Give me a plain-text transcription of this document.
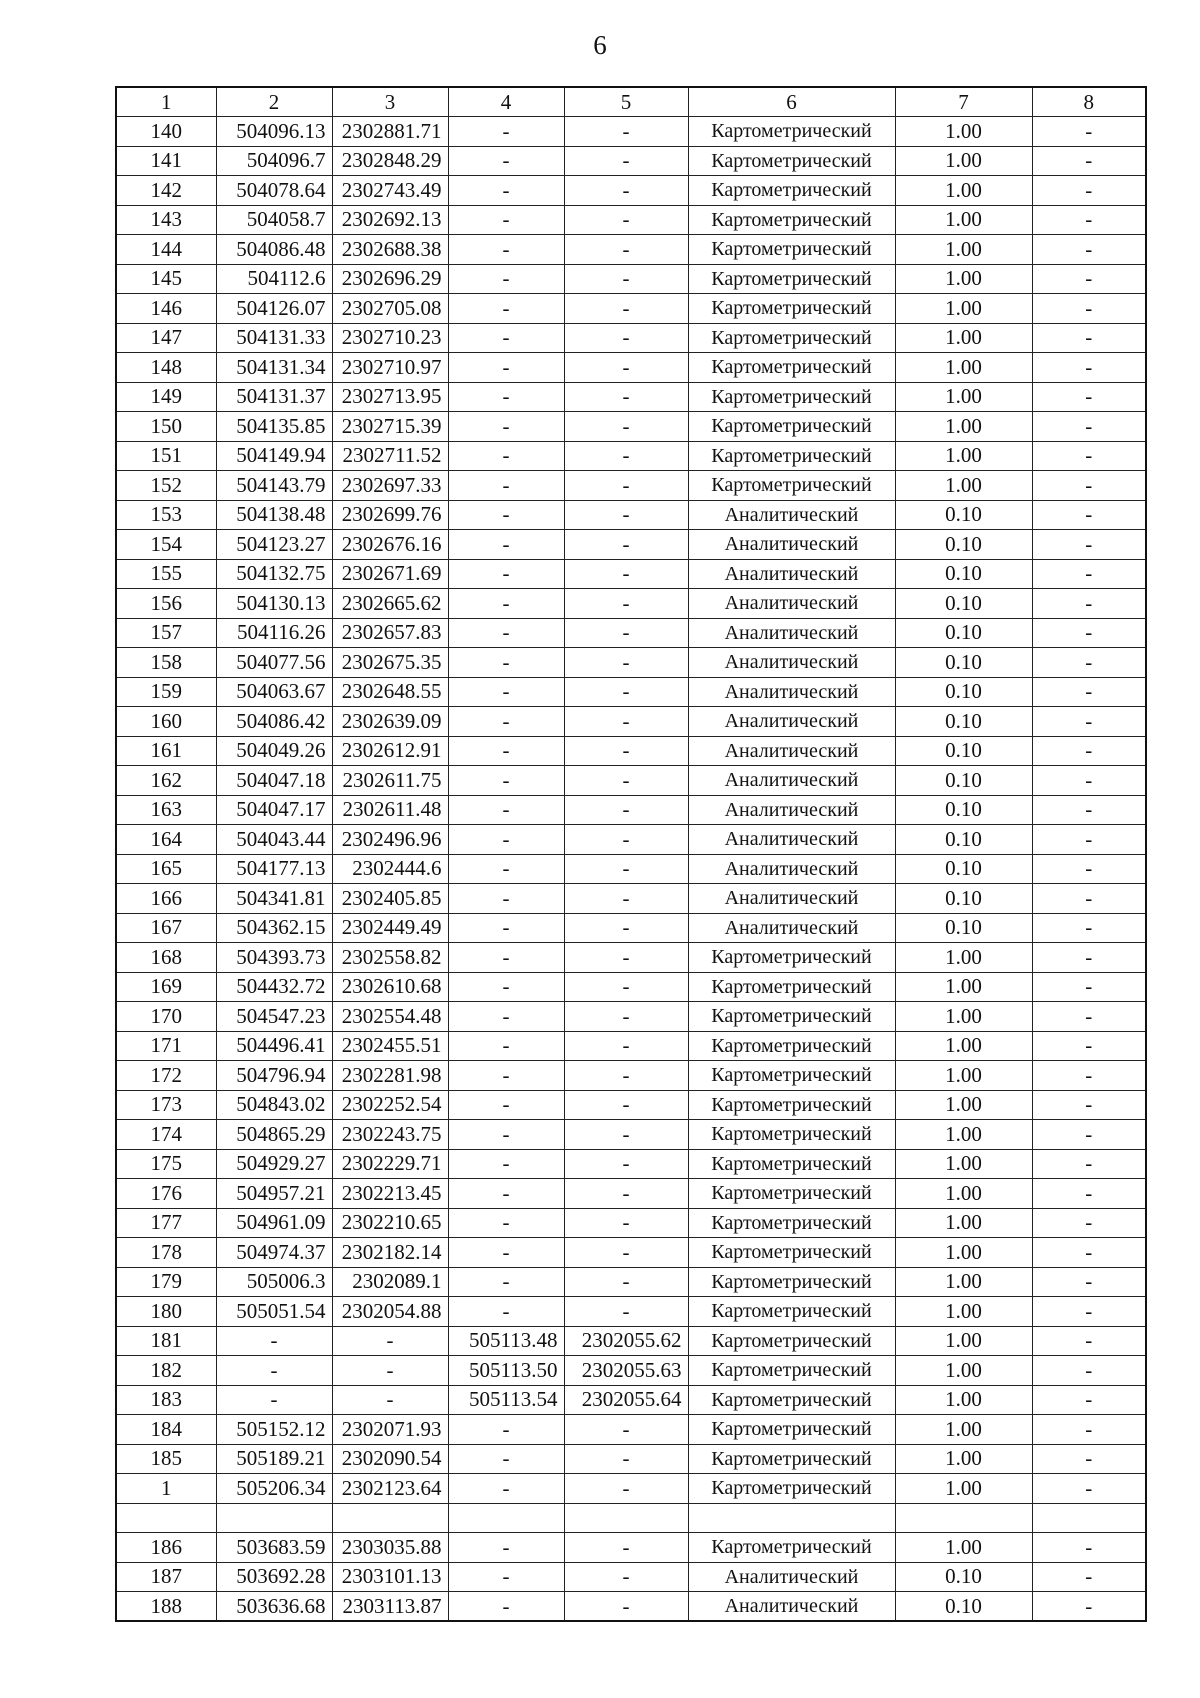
6
1	2	3	4	5	6	7	8
140	504096.13	2302881.71	-	-	Картометрический	1.00	-
141	504096.7	2302848.29	-	-	Картометрический	1.00	-
142	504078.64	2302743.49	-	-	Картометрический	1.00	-
143	504058.7	2302692.13	-	-	Картометрический	1.00	-
144	504086.48	2302688.38	-	-	Картометрический	1.00	-
145	504112.6	2302696.29	-	-	Картометрический	1.00	-
146	504126.07	2302705.08	-	-	Картометрический	1.00	-
147	504131.33	2302710.23	-	-	Картометрический	1.00	-
148	504131.34	2302710.97	-	-	Картометрический	1.00	-
149	504131.37	2302713.95	-	-	Картометрический	1.00	-
150	504135.85	2302715.39	-	-	Картометрический	1.00	-
151	504149.94	2302711.52	-	-	Картометрический	1.00	-
152	504143.79	2302697.33	-	-	Картометрический	1.00	-
153	504138.48	2302699.76	-	-	Аналитический	0.10	-
154	504123.27	2302676.16	-	-	Аналитический	0.10	-
155	504132.75	2302671.69	-	-	Аналитический	0.10	-
156	504130.13	2302665.62	-	-	Аналитический	0.10	-
157	504116.26	2302657.83	-	-	Аналитический	0.10	-
158	504077.56	2302675.35	-	-	Аналитический	0.10	-
159	504063.67	2302648.55	-	-	Аналитический	0.10	-
160	504086.42	2302639.09	-	-	Аналитический	0.10	-
161	504049.26	2302612.91	-	-	Аналитический	0.10	-
162	504047.18	2302611.75	-	-	Аналитический	0.10	-
163	504047.17	2302611.48	-	-	Аналитический	0.10	-
164	504043.44	2302496.96	-	-	Аналитический	0.10	-
165	504177.13	2302444.6	-	-	Аналитический	0.10	-
166	504341.81	2302405.85	-	-	Аналитический	0.10	-
167	504362.15	2302449.49	-	-	Аналитический	0.10	-
168	504393.73	2302558.82	-	-	Картометрический	1.00	-
169	504432.72	2302610.68	-	-	Картометрический	1.00	-
170	504547.23	2302554.48	-	-	Картометрический	1.00	-
171	504496.41	2302455.51	-	-	Картометрический	1.00	-
172	504796.94	2302281.98	-	-	Картометрический	1.00	-
173	504843.02	2302252.54	-	-	Картометрический	1.00	-
174	504865.29	2302243.75	-	-	Картометрический	1.00	-
175	504929.27	2302229.71	-	-	Картометрический	1.00	-
176	504957.21	2302213.45	-	-	Картометрический	1.00	-
177	504961.09	2302210.65	-	-	Картометрический	1.00	-
178	504974.37	2302182.14	-	-	Картометрический	1.00	-
179	505006.3	2302089.1	-	-	Картометрический	1.00	-
180	505051.54	2302054.88	-	-	Картометрический	1.00	-
181	-	-	505113.48	2302055.62	Картометрический	1.00	-
182	-	-	505113.50	2302055.63	Картометрический	1.00	-
183	-	-	505113.54	2302055.64	Картометрический	1.00	-
184	505152.12	2302071.93	-	-	Картометрический	1.00	-
185	505189.21	2302090.54	-	-	Картометрический	1.00	-
1	505206.34	2302123.64	-	-	Картометрический	1.00	-

186	503683.59	2303035.88	-	-	Картометрический	1.00	-
187	503692.28	2303101.13	-	-	Аналитический	0.10	-
188	503636.68	2303113.87	-	-	Аналитический	0.10	-
